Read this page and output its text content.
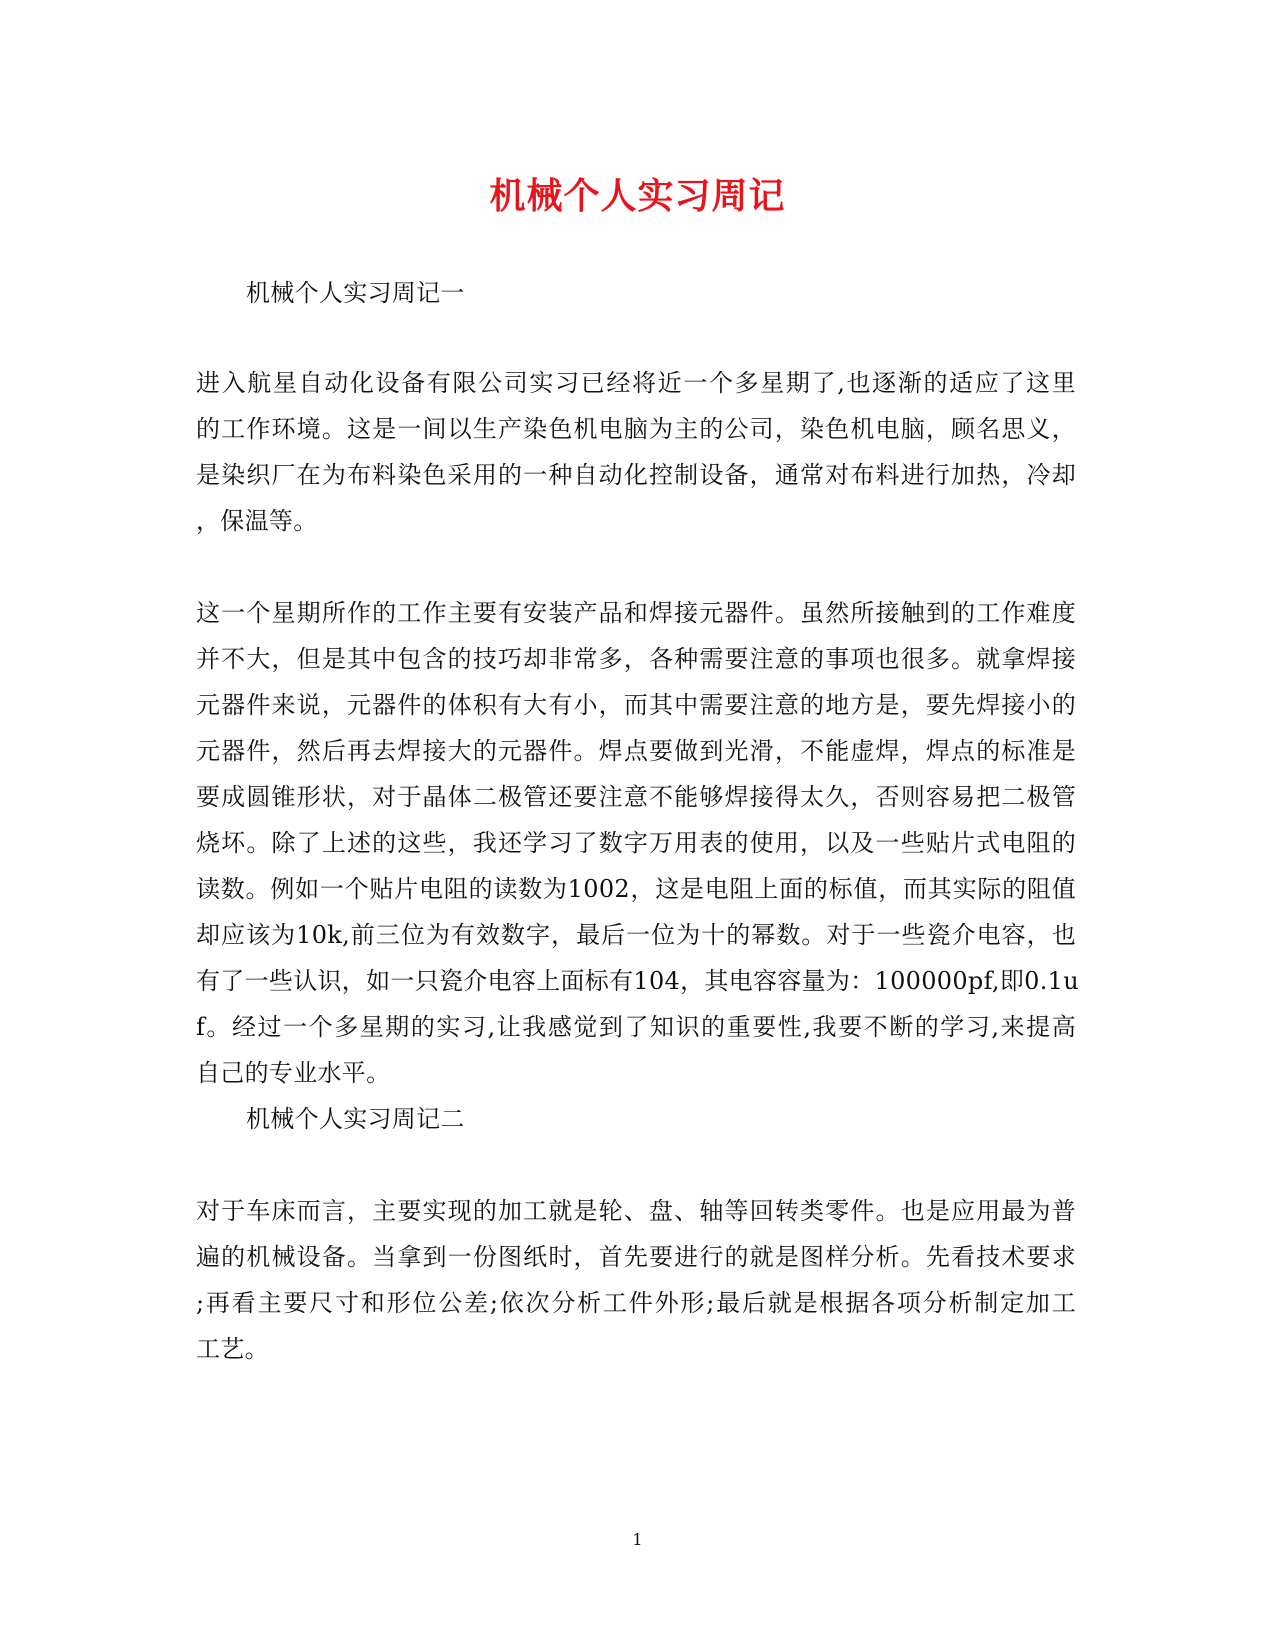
机械个人实习周记
机械个人实习周记一
进入航星自动化设备有限公司实习已经将近一个多星期了,也逐渐的适应了这里
的工作环境。这是一间以生产染色机电脑为主的公司，染色机电脑，顾名思义，
是染织厂在为布料染色采用的一种自动化控制设备，通常对布料进行加热，冷却
，保温等。
这一个星期所作的工作主要有安装产品和焊接元器件。虽然所接触到的工作难度
并不大，但是其中包含的技巧却非常多，各种需要注意的事项也很多。就拿焊接
元器件来说，元器件的体积有大有小，而其中需要注意的地方是，要先焊接小的
元器件，然后再去焊接大的元器件。焊点要做到光滑，不能虚焊，焊点的标准是
要成圆锥形状，对于晶体二极管还要注意不能够焊接得太久，否则容易把二极管
烧坏。除了上述的这些，我还学习了数字万用表的使用，以及一些贴片式电阻的
读数。例如一个贴片电阻的读数为1002，这是电阻上面的标值，而其实际的阻值
却应该为10k,前三位为有效数字，最后一位为十的幂数。对于一些瓷介电容，也
有了一些认识，如一只瓷介电容上面标有104，其电容容量为：100000pf,即0.1u
f。经过一个多星期的实习,让我感觉到了知识的重要性,我要不断的学习,来提高
自己的专业水平。
机械个人实习周记二
对于车床而言，主要实现的加工就是轮、盘、轴等回转类零件。也是应用最为普
遍的机械设备。当拿到一份图纸时，首先要进行的就是图样分析。先看技术要求
;再看主要尺寸和形位公差;依次分析工件外形;最后就是根据各项分析制定加工
工艺。
1
